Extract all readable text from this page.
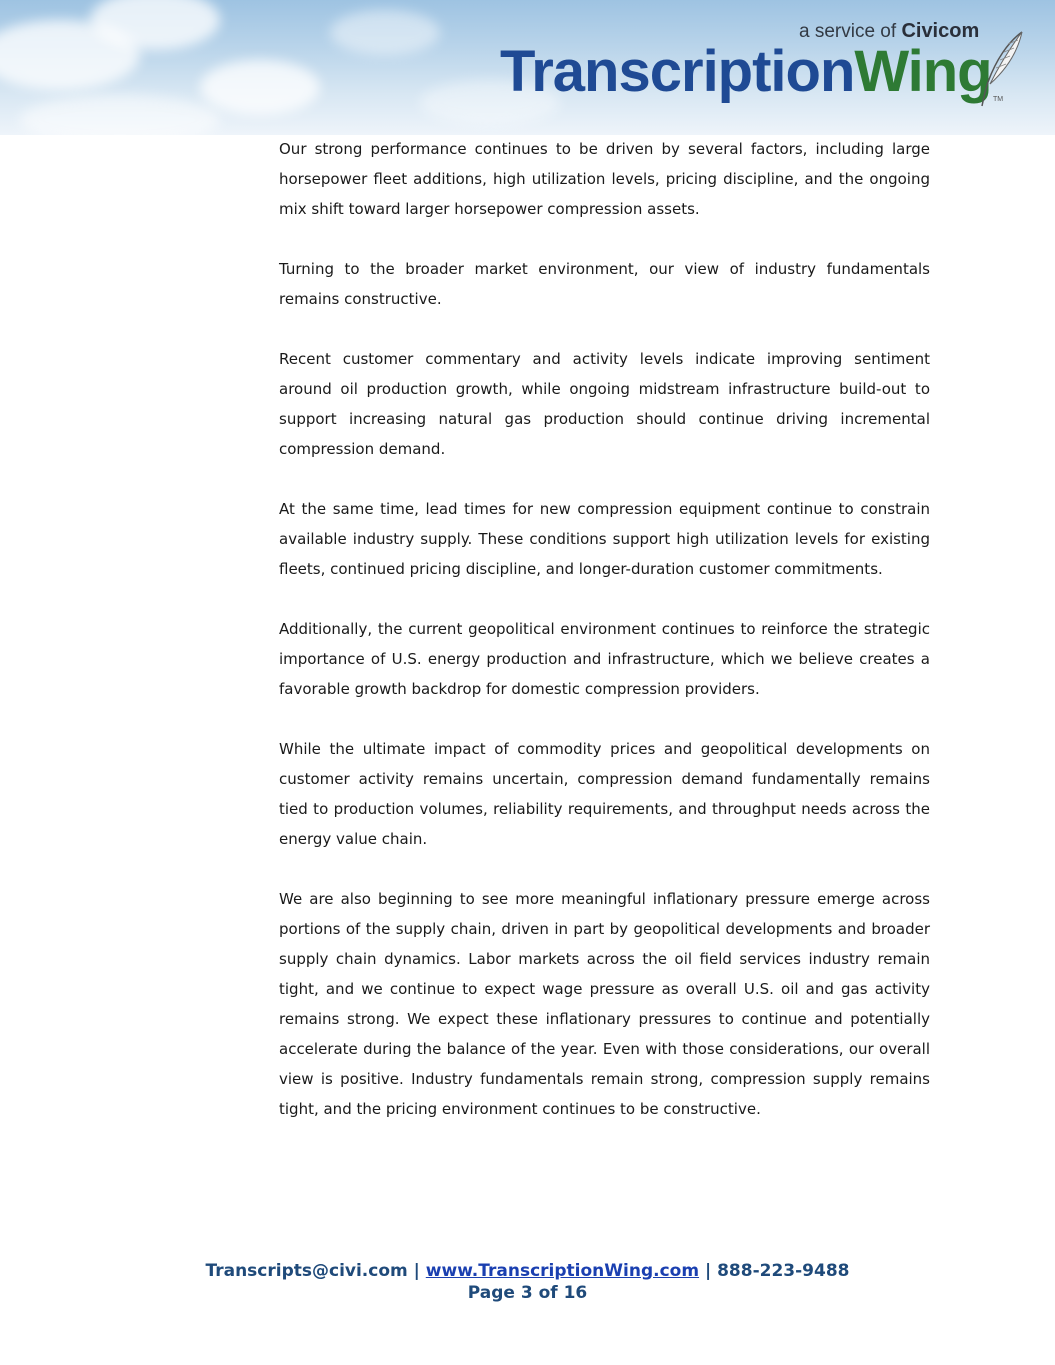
a service of Civicom
TranscriptionWing TM

Our strong performance continues to be driven by several factors, including large horsepower fleet additions, high utilization levels, pricing discipline, and the ongoing mix shift toward larger horsepower compression assets.

Turning to the broader market environment, our view of industry fundamentals remains constructive.

Recent customer commentary and activity levels indicate improving sentiment around oil production growth, while ongoing midstream infrastructure build-out to support increasing natural gas production should continue driving incremental compression demand.

At the same time, lead times for new compression equipment continue to constrain available industry supply. These conditions support high utilization levels for existing fleets, continued pricing discipline, and longer-duration customer commitments.

Additionally, the current geopolitical environment continues to reinforce the strategic importance of U.S. energy production and infrastructure, which we believe creates a favorable growth backdrop for domestic compression providers.

While the ultimate impact of commodity prices and geopolitical developments on customer activity remains uncertain, compression demand fundamentally remains tied to production volumes, reliability requirements, and throughput needs across the energy value chain.

We are also beginning to see more meaningful inflationary pressure emerge across portions of the supply chain, driven in part by geopolitical developments and broader supply chain dynamics. Labor markets across the oil field services industry remain tight, and we continue to expect wage pressure as overall U.S. oil and gas activity remains strong. We expect these inflationary pressures to continue and potentially accelerate during the balance of the year. Even with those considerations, our overall view is positive. Industry fundamentals remain strong, compression supply remains tight, and the pricing environment continues to be constructive.

Transcripts@civi.com | www.TranscriptionWing.com | 888-223-9488
Page 3 of 16
